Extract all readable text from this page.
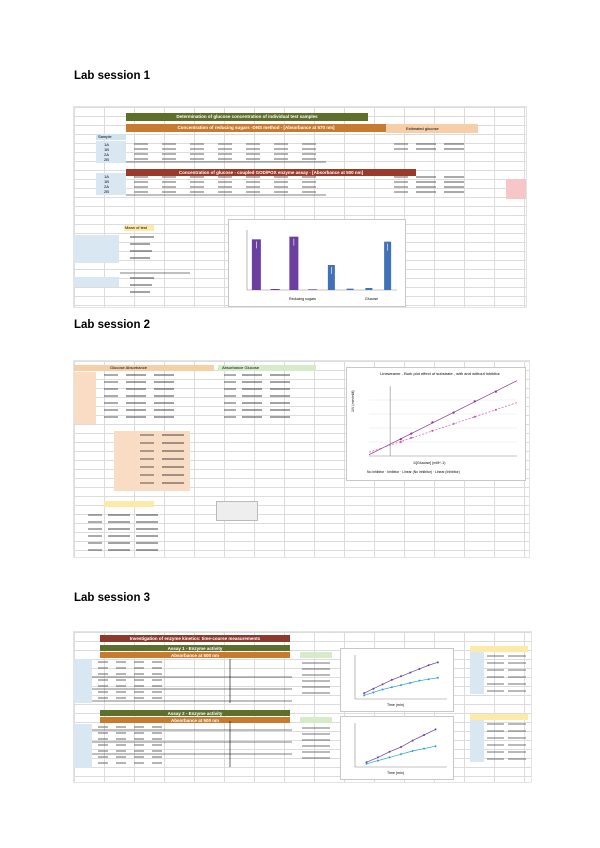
Lab session 1
Determination of glucose concentration of individual test samples
Concentration of reducing sugars -DNS method - [Absorbance at 570 nm]
Sample
Estimated glucose
1A
1B
2A
2B
1A
1B
2A
2B
Concentration of glucose - coupled GOD/POX enzyme assay - [Absorbance at 500 nm]
Mean of test
Reducing sugars	Glucose
Lab session 2
Glucose Absorbance	Absorbance Glucose
Lineweaver - Burk plot effect of substrate , with and without inhibitor
1/V (min/mM)
1/[Glucose] (mM^-1)
No inhibitor · Inhibitor · Linear (No inhibitor) · Linear (Inhibitor)
Lab session 3
Investigation of enzyme kinetics: time-course measurements
Assay 1 - Enzyme activity
Absorbance at 500 nm
Assay 2 - Enzyme activity
Absorbance at 500 nm
Time (min)
Time (min)
